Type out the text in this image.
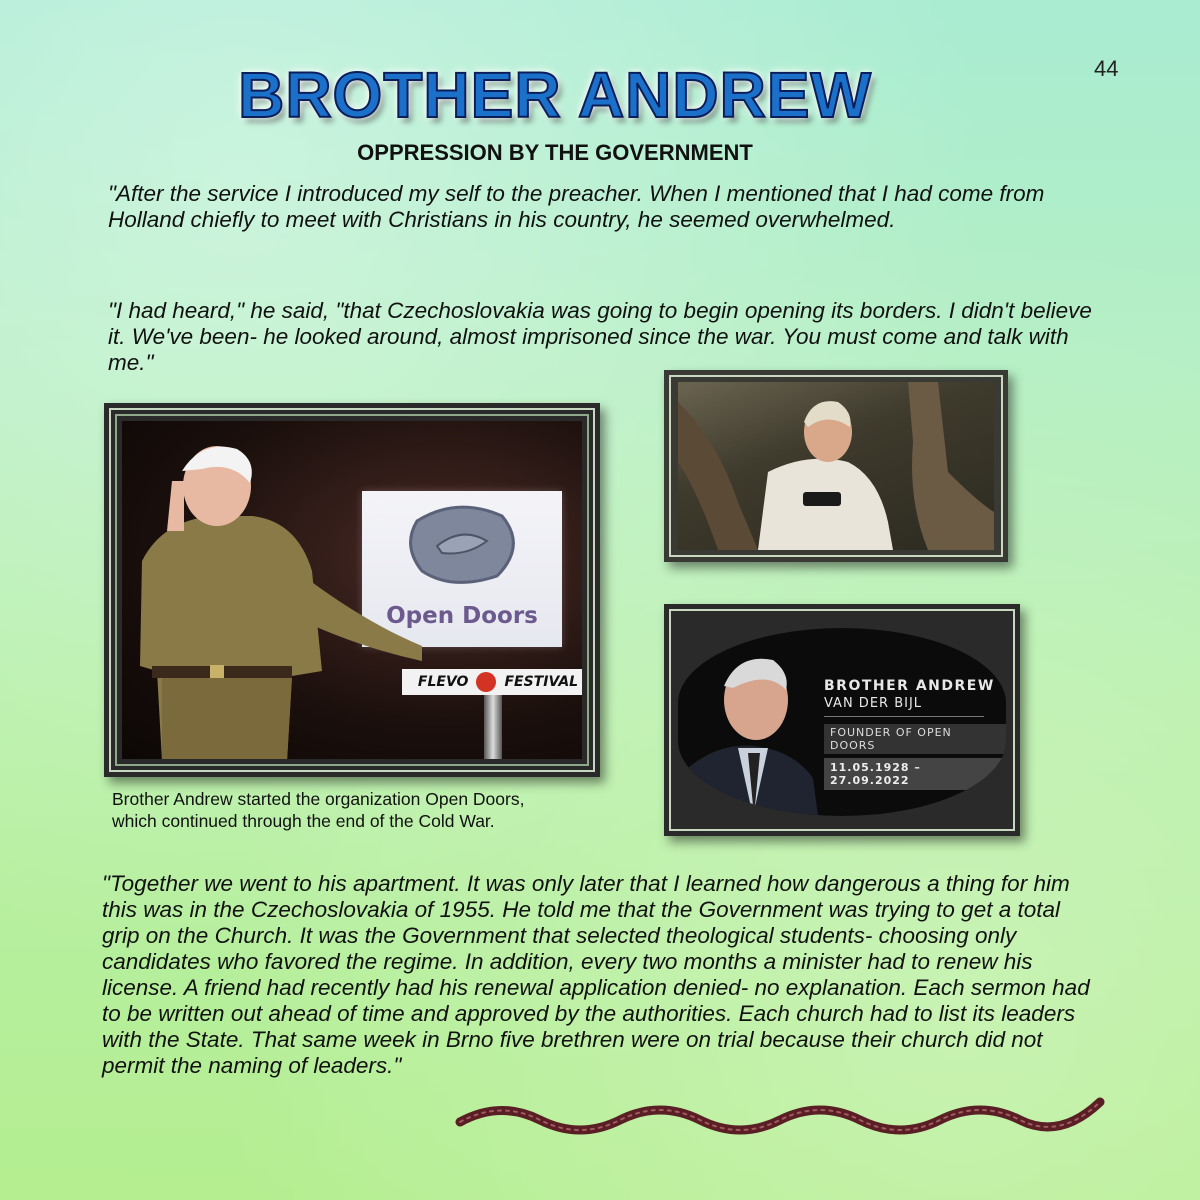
44
BROTHER ANDREW
OPPRESSION BY THE GOVERNMENT

"After the service I introduced my self to the preacher. When I mentioned that I had come from Holland chiefly to meet with Christians in his country, he seemed overwhelmed.

"I had heard," he said, "that Czechoslovakia was going to begin opening its borders. I didn't believe it. We've been- he looked around, almost imprisoned since the war. You must come and talk with me."

Open Doors
FLEVO	FESTIVAL
Brother Andrew started the organization Open Doors,
which continued through the end of the Cold War.
BROTHER ANDREW
VAN DER BIJL
FOUNDER OF OPEN DOORS
11.05.1928 – 27.09.2022

"Together we went to his apartment. It was only later that I learned how dangerous a thing for him this was in the Czechoslovakia of 1955. He told me that the Government was trying to get a total grip on the Church. It was the Government that selected theological students- choosing only candidates who favored the regime. In addition, every two months a minister had to renew his license. A friend had recently had his renewal application denied- no explanation. Each sermon had to be written out ahead of time and approved by the authorities. Each church had to list its leaders with the State. That same week in Brno five brethren were on trial because their church did not permit the naming of leaders."
